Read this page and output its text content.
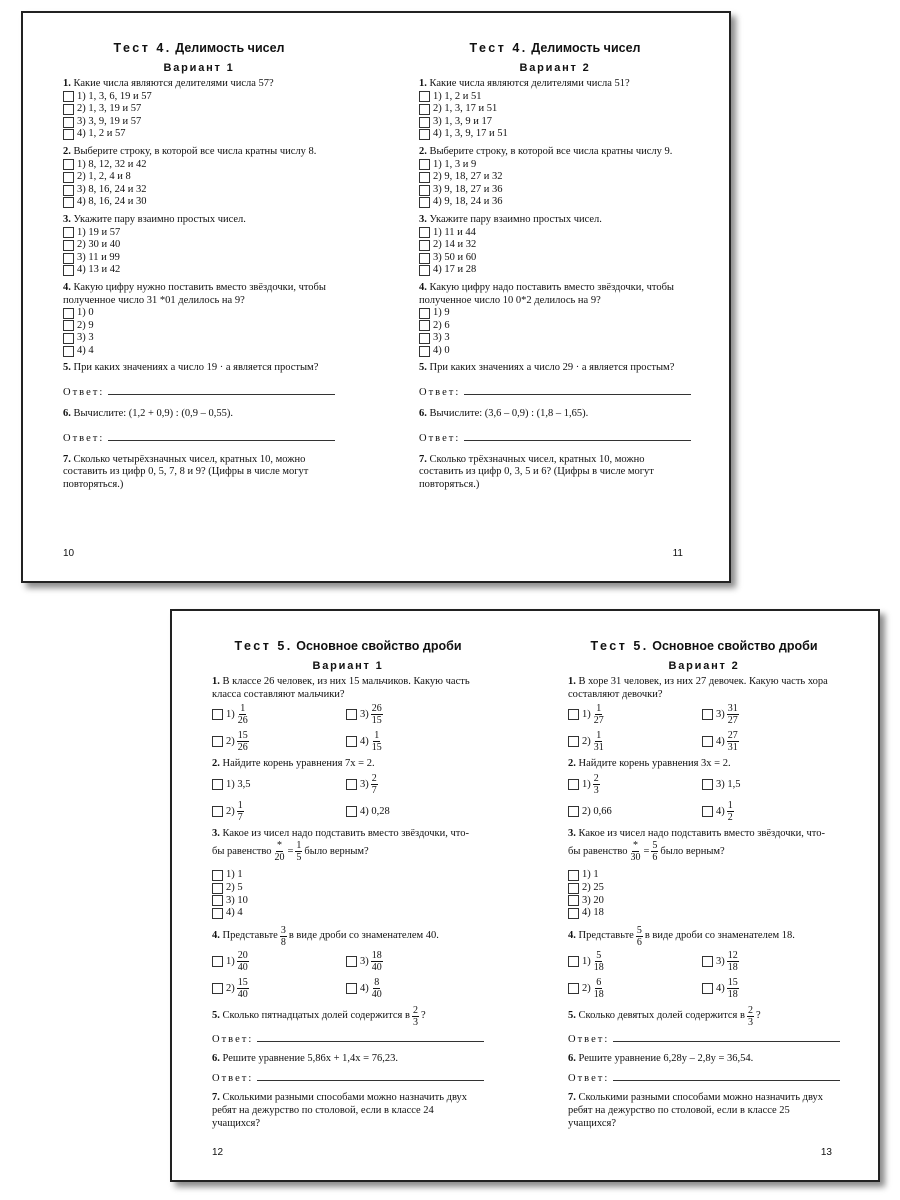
Тест 4. Делимость чисел
Вариант 1

1. Какие числа являются делителями числа 57?

1) 1, 3, 6, 19 и 57
2) 1, 3, 19 и 57
3) 3, 9, 19 и 57
4) 1, 2 и 57

2. Выберите строку, в которой все числа кратны числу 8.

1) 8, 12, 32 и 42
2) 1, 2, 4 и 8
3) 8, 16, 24 и 32
4) 8, 16, 24 и 30

3. Укажите пару взаимно простых чисел.

1) 19 и 57
2) 30 и 40
3) 11 и 99
4) 13 и 42

4. Какую цифру нужно поставить вместо звёздочки, чтобы полученное число 31 *01 делилось на 9?

1) 0
2) 9
3) 3
4) 4

5. При каких значениях a число 19 · a является простым?

Ответ:

6. Вычислите: (1,2 + 0,9) : (0,9 – 0,55).

Ответ:

7. Сколько четырёхзначных чисел, кратных 10, можно составить из цифр 0, 5, 7, 8 и 9? (Цифры в числе могут повторяться.)

10
Тест 4. Делимость чисел
Вариант 2

1. Какие числа являются делителями числа 51?

1) 1, 2 и 51
2) 1, 3, 17 и 51
3) 1, 3, 9 и 17
4) 1, 3, 9, 17 и 51

2. Выберите строку, в которой все числа кратны числу 9.

1) 1, 3 и 9
2) 9, 18, 27 и 32
3) 9, 18, 27 и 36
4) 9, 18, 24 и 36

3. Укажите пару взаимно простых чисел.

1) 11 и 44
2) 14 и 32
3) 50 и 60
4) 17 и 28

4. Какую цифру надо поставить вместо звёздочки, чтобы полученное число 10 0*2 делилось на 9?

1) 9
2) 6
3) 3
4) 0

5. При каких значениях a число 29 · a является простым?

Ответ:

6. Вычислите: (3,6 – 0,9) : (1,8 – 1,65).

Ответ:

7. Сколько трёхзначных чисел, кратных 10, можно составить из цифр 0, 3, 5 и 6? (Цифры в числе могут повторяться.)

11
Тест 5. Основное свойство дроби
Вариант 1

1. В классе 26 человек, из них 15 мальчиков. Какую часть класса составляют мальчики?

$1) \frac{1}{26}$	$3) \frac{26}{15}$
$2) \frac{15}{26}$	$4) \frac{1}{15}$

2. Найдите корень уравнения 7x = 2.

1) 3,5	$3) \frac{2}{7}$
$2) \frac{1}{7}$	4) 0,28

3. Какое из чисел надо подставить вместо звёздочки, что-

бы равенство $\frac{*}{20} = \frac{1}{5}$ было верным?
1) 1
2) 5
3) 10
4) 4
4.
Представьте $\frac{3}{8}$ в виде дроби со знаменателем 40.
$1) \frac{20}{40}$	$3) \frac{18}{40}$
$2) \frac{15}{40}$	$4) \frac{8}{40}$
5.
Сколько пятнадцатых долей содержится в $\frac{2}{3}$ ?
Ответ:

6. Решите уравнение 5,86x + 1,4x = 76,23.

Ответ:

7. Сколькими разными способами можно назначить двух ребят на дежурство по столовой, если в классе 24 учащихся?

12
Тест 5. Основное свойство дроби
Вариант 2

1. В хоре 31 человек, из них 27 девочек. Какую часть хора составляют девочки?

$1) \frac{1}{27}$	$3) \frac{31}{27}$
$2) \frac{1}{31}$	$4) \frac{27}{31}$

2. Найдите корень уравнения 3x = 2.

$1) \frac{2}{3}$	3) 1,5
2) 0,66	$4) \frac{1}{2}$

3. Какое из чисел надо подставить вместо звёздочки, что-

бы равенство $\frac{*}{30} = \frac{5}{6}$ было верным?
1) 1
2) 25
3) 20
4) 18
4.
Представьте $\frac{5}{6}$ в виде дроби со знаменателем 18.
$1) \frac{5}{18}$	$3) \frac{12}{18}$
$2) \frac{6}{18}$	$4) \frac{15}{18}$
5.
Сколько девятых долей содержится в $\frac{2}{3}$ ?
Ответ:

6. Решите уравнение 6,28y – 2,8y = 36,54.

Ответ:

7. Сколькими разными способами можно назначить двух ребят на дежурство по столовой, если в классе 25 учащихся?

13
